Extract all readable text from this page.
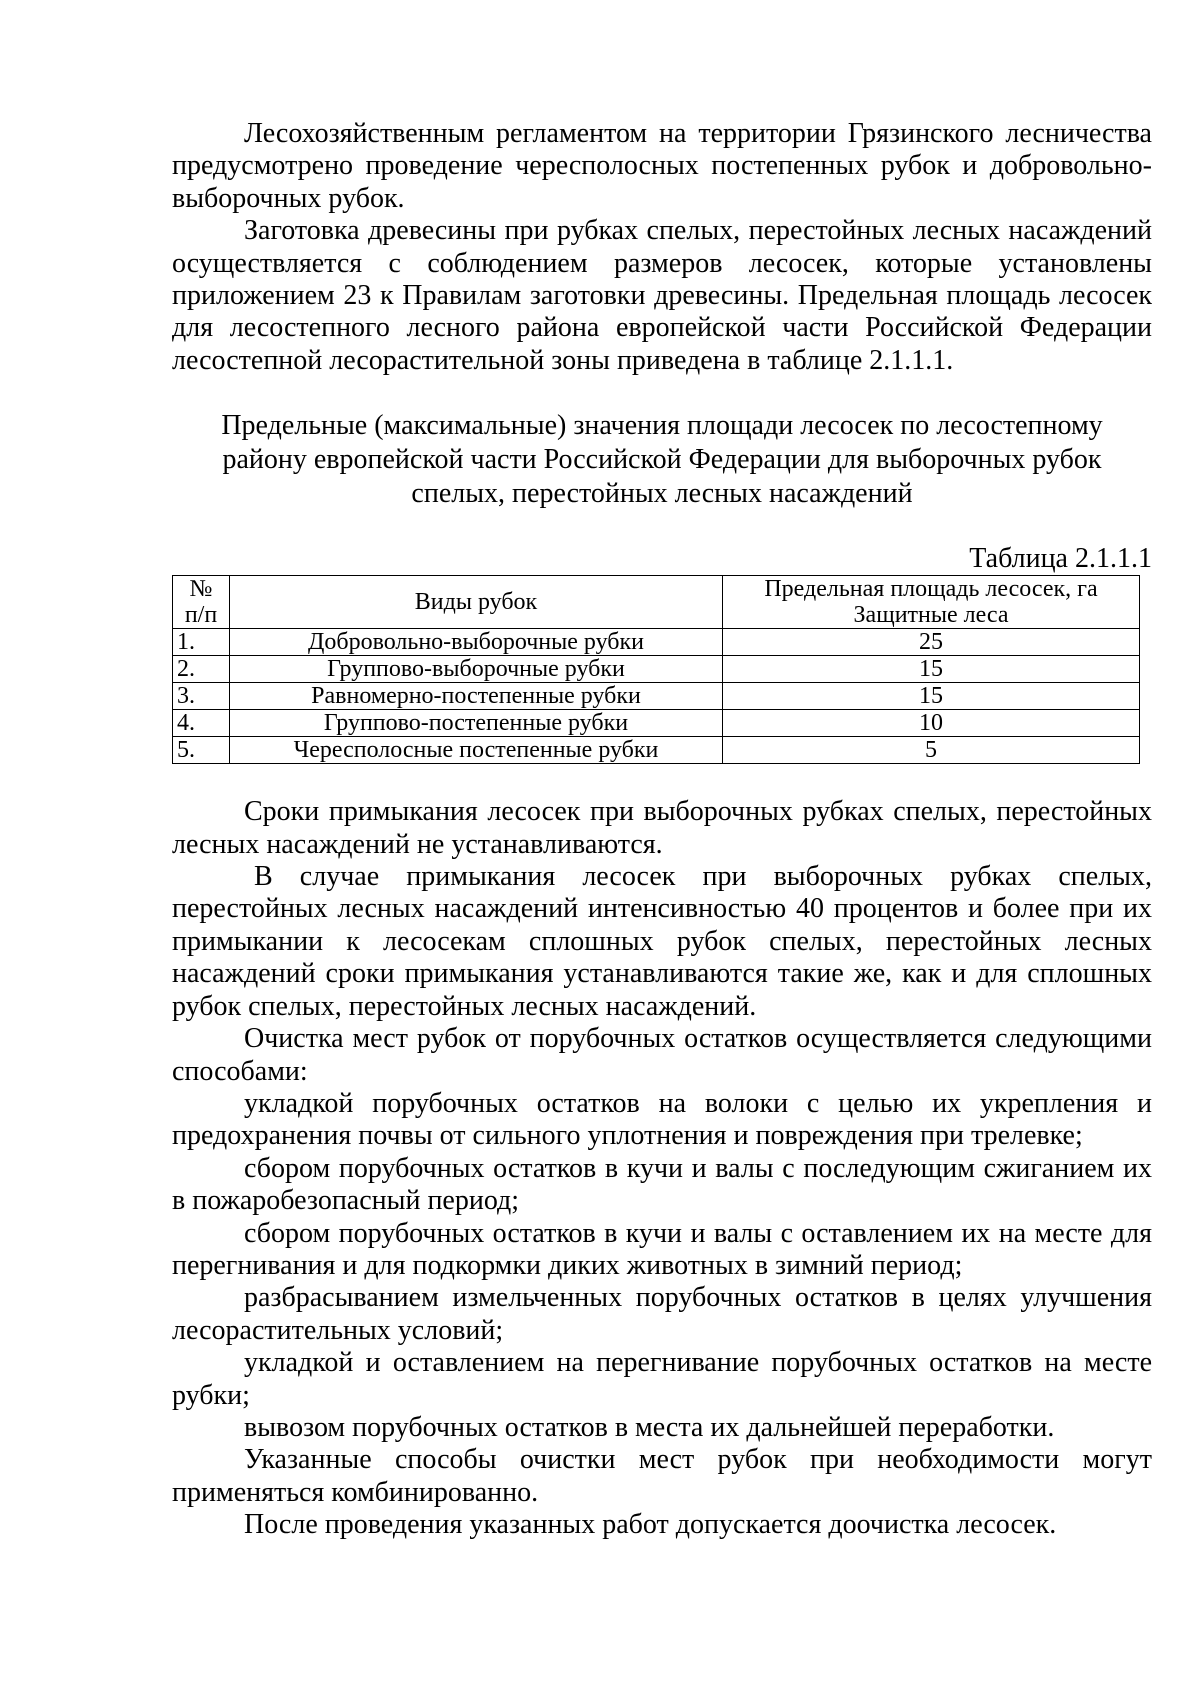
Лесохозяйственным регламентом на территории Грязинского лесничества предусмотрено проведение чересполосных постепенных рубок и добровольно-выборочных рубок.

Заготовка древесины при рубках спелых, перестойных лесных насаждений осуществляется с соблюдением размеров лесосек, которые установлены приложением 23 к Правилам заготовки древесины. Предельная площадь лесосек для лесостепного лесного района европейской части Российской Федерации лесостепной лесорастительной зоны приведена в таблице 2.1.1.1.

Предельные (максимальные) значения площади лесосек по лесостепному району европейской части Российской Федерации для выборочных рубок спелых, перестойных лесных насаждений

Таблица 2.1.1.1

№ п/п	Виды рубок	Предельная площадь лесосек, га
Защитные леса

1.	Добровольно-выборочные рубки	25
2.	Группово-выборочные рубки	15
3.	Равномерно-постепенные рубки	15
4.	Группово-постепенные рубки	10
5.	Чересполосные постепенные рубки	5

Сроки примыкания лесосек при выборочных рубках спелых, перестойных лесных насаждений не устанавливаются.

В случае примыкания лесосек при выборочных рубках спелых, перестойных лесных насаждений интенсивностью 40 процентов и более при их примыкании к лесосекам сплошных рубок спелых, перестойных лесных насаждений сроки примыкания устанавливаются такие же, как и для сплошных рубок спелых, перестойных лесных насаждений.

Очистка мест рубок от порубочных остатков осуществляется следующими способами:

укладкой порубочных остатков на волоки с целью их укрепления и предохранения почвы от сильного уплотнения и повреждения при трелевке;

сбором порубочных остатков в кучи и валы с последующим сжиганием их в пожаробезопасный период;

сбором порубочных остатков в кучи и валы с оставлением их на месте для перегнивания и для подкормки диких животных в зимний период;

разбрасыванием измельченных порубочных остатков в целях улучшения лесорастительных условий;

укладкой и оставлением на перегнивание порубочных остатков на месте рубки;

вывозом порубочных остатков в места их дальнейшей переработки.

Указанные способы очистки мест рубок при необходимости могут применяться комбинированно.

После проведения указанных работ допускается доочистка лесосек.
